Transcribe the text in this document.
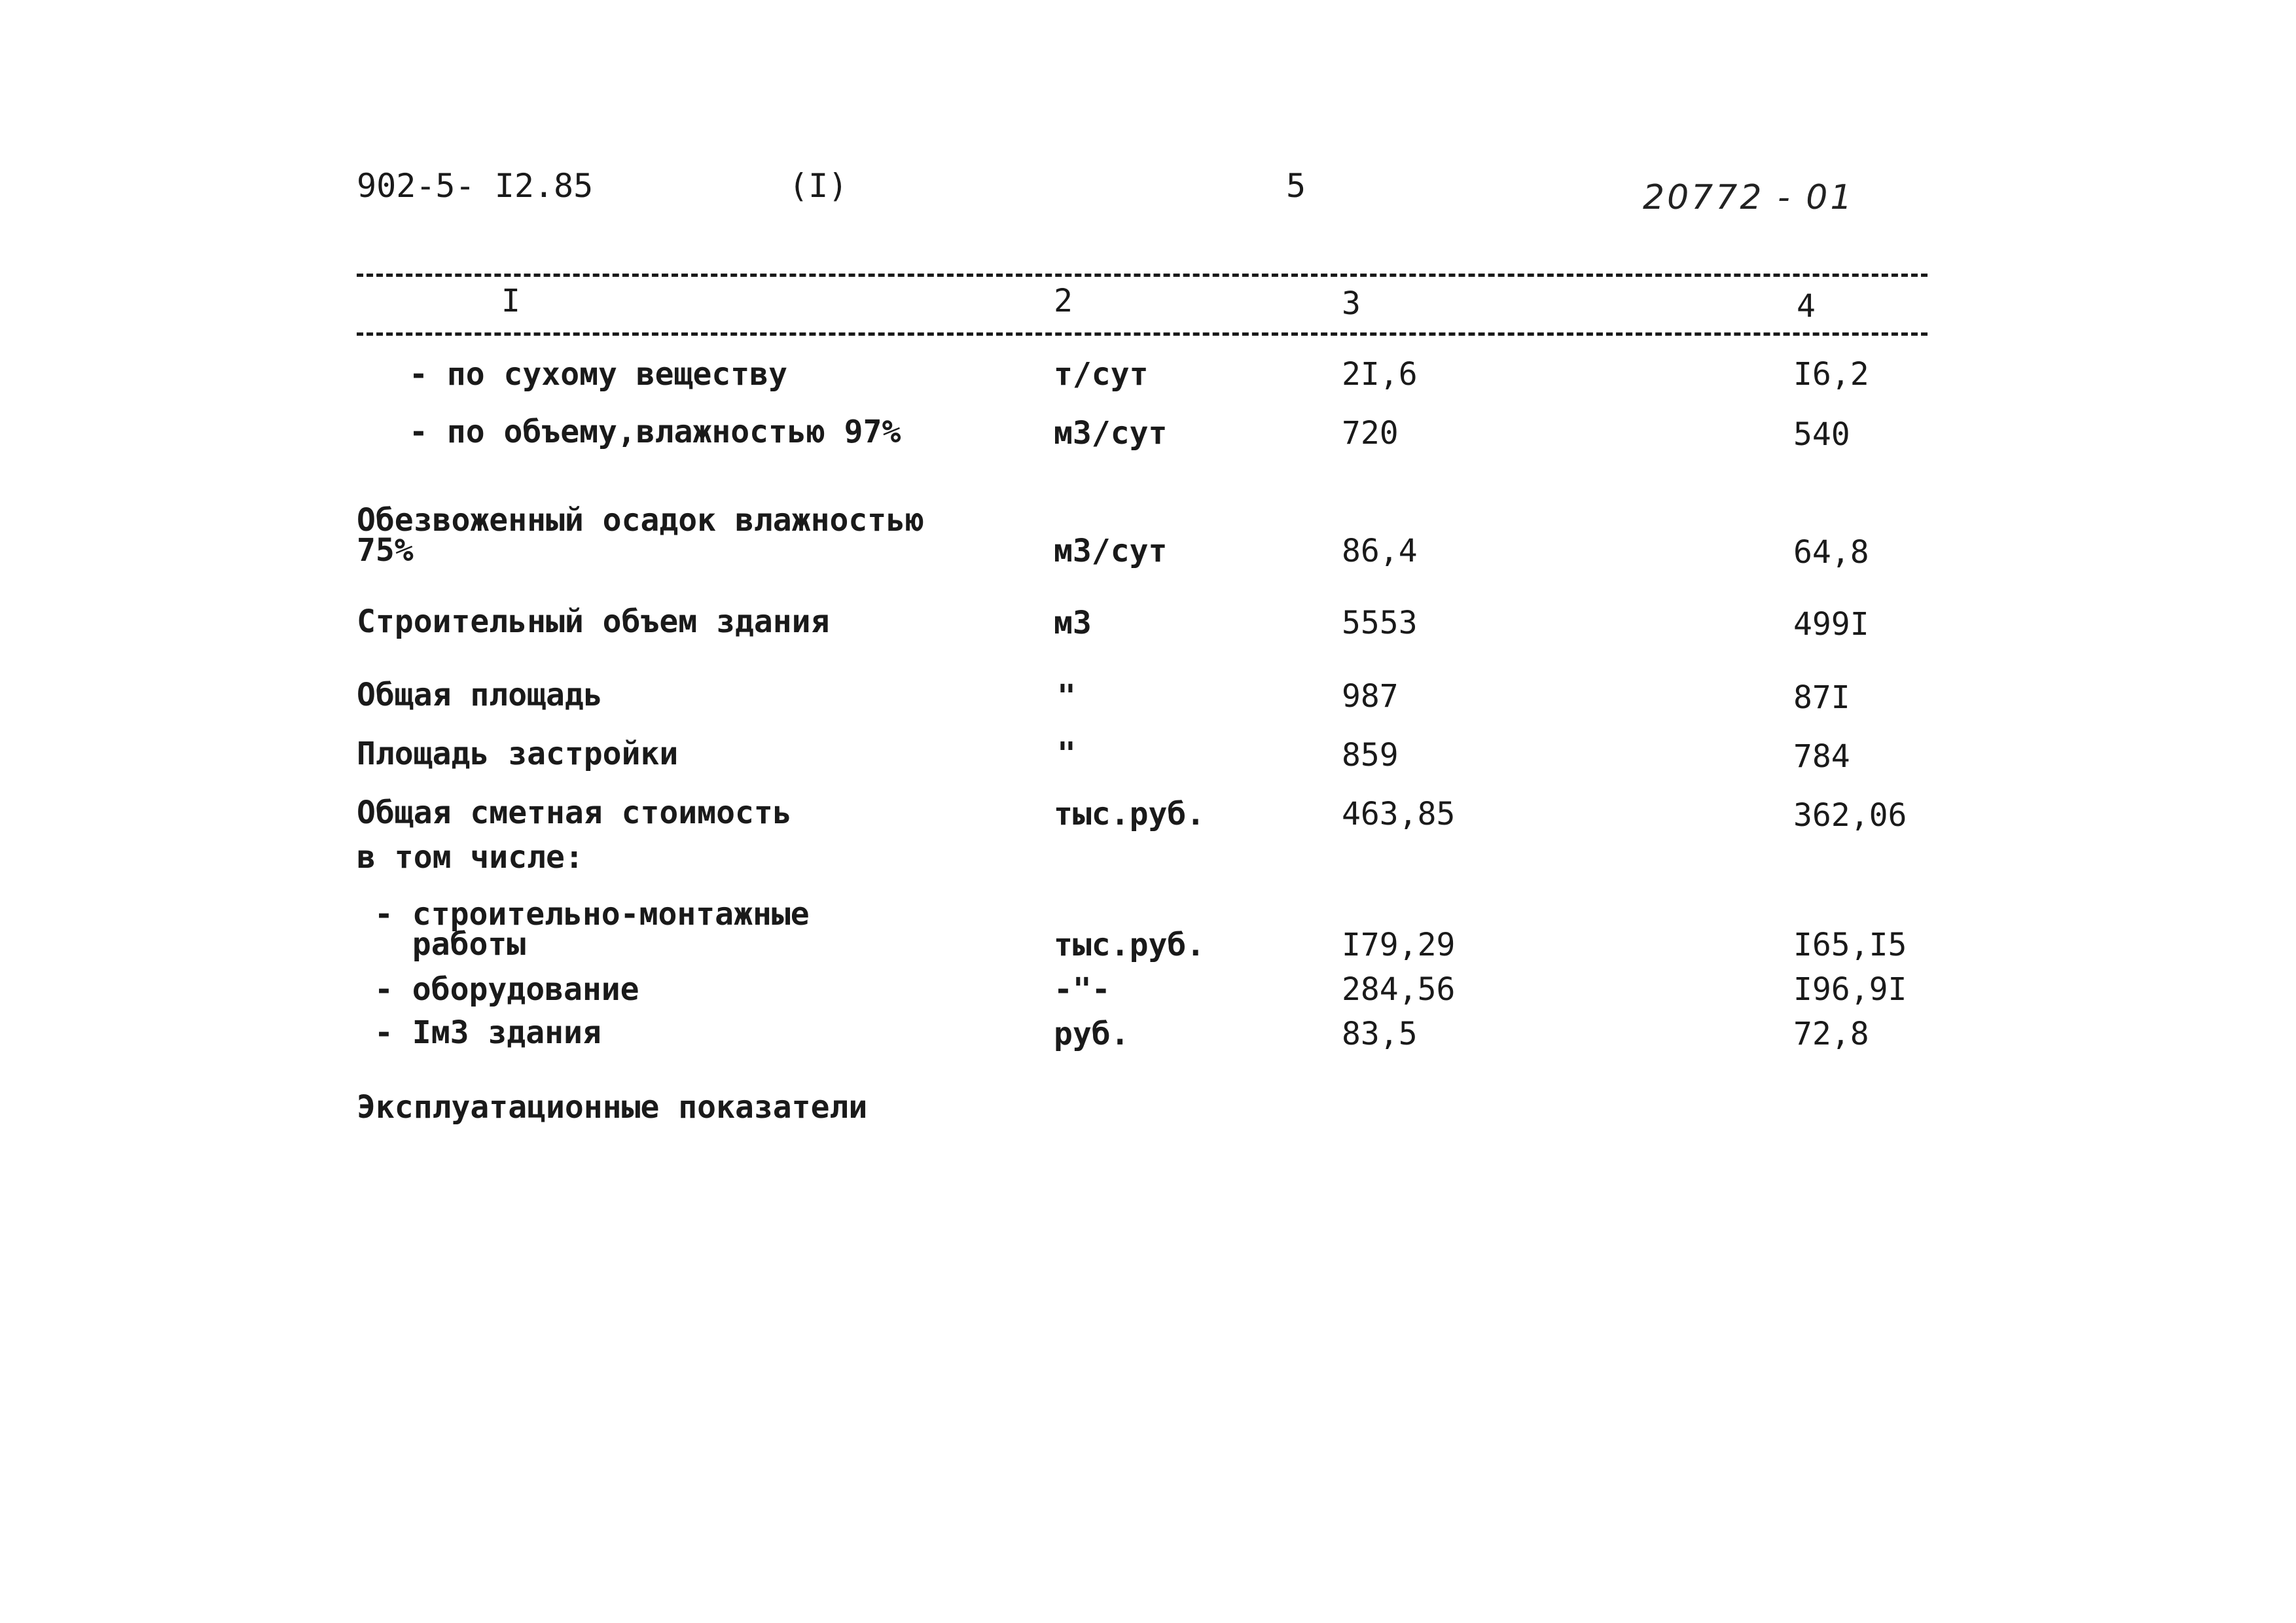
902-5- I2.85	(I)	5	20772 - 01
I	2	3	4
- по сухому веществу	т/сут	2I,6	I6,2
- по объему,влажностью 97%	м3/сут	720	540
Обезвоженный осадок влажностью
75%	м3/сут	86,4	64,8
Строительный объем здания	м3	5553	499I
Общая площадь	"	987	87I
Площадь застройки	"	859	784
Общая сметная стоимость	тыс.руб.	463,85	362,06
в том числе:
- строительно-монтажные
работы	тыс.руб.	I79,29	I65,I5
- оборудование	-"-	284,56	I96,9I
- Iм3 здания	руб.	83,5	72,8
Эксплуатационные показатели
